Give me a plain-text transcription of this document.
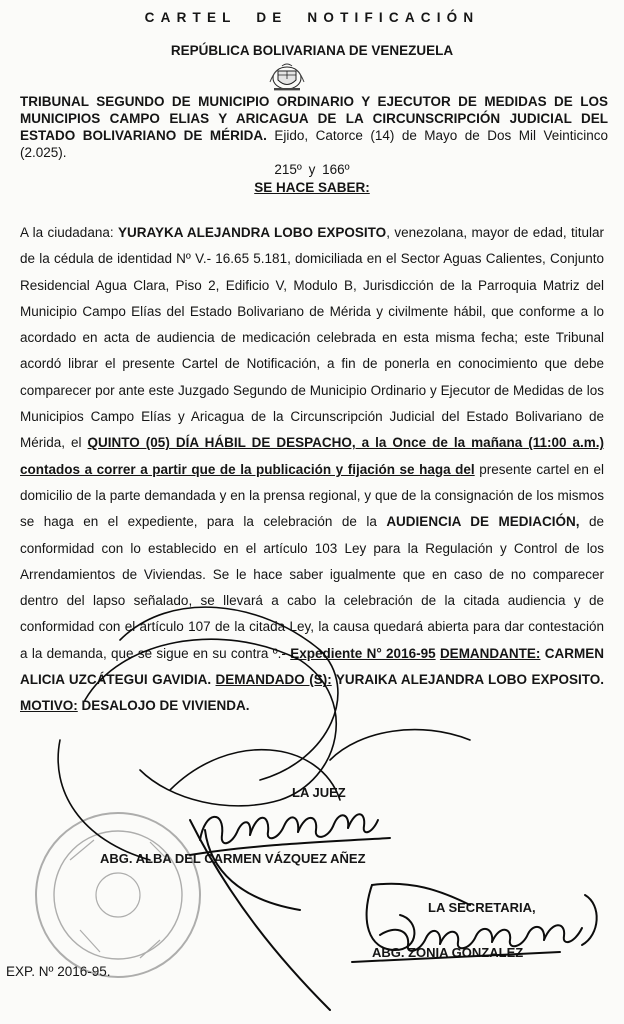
CARTEL DE NOTIFICACIÓN
REPÚBLICA BOLIVARIANA DE VENEZUELA
TRIBUNAL SEGUNDO DE MUNICIPIO ORDINARIO Y EJECUTOR DE MEDIDAS DE LOS MUNICIPIOS CAMPO ELIAS Y ARICAGUA DE LA CIRCUNSCRIPCIÓN JUDICIAL DEL ESTADO BOLIVARIANO DE MÉRIDA. Ejido, Catorce (14) de Mayo de Dos Mil Veinticinco (2.025).
215º y 166º
SE HACE SABER:
A la ciudadana: YURAYKA ALEJANDRA LOBO EXPOSITO, venezolana, mayor de edad, titular de la cédula de identidad Nº V.- 16.65 5.181, domiciliada en el Sector Aguas Calientes, Conjunto Residencial Agua Clara, Piso 2, Edificio V, Modulo B, Jurisdicción de la Parroquia Matriz del Municipio Campo Elías del Estado Bolivariano de Mérida y civilmente hábil, que conforme a lo acordado en acta de audiencia de medicación celebrada en esta misma fecha; este Tribunal acordó librar el presente Cartel de Notificación, a fin de ponerla en conocimiento que debe comparecer por ante este Juzgado Segundo de Municipio Ordinario y Ejecutor de Medidas de los Municipios Campo Elías y Aricagua de la Circunscripción Judicial del Estado Bolivariano de Mérida, el QUINTO (05) DÍA HÁBIL DE DESPACHO, a la Once de la mañana (11:00 a.m.) contados a correr a partir que de la publicación y fijación se haga del presente cartel en el domicilio de la parte demandada y en la prensa regional, y que de la consignación de los mismos se haga en el expediente, para la celebración de la AUDIENCIA DE MEDIACIÓN, de conformidad con lo establecido en el artículo 103 Ley para la Regulación y Control de los Arrendamientos de Viviendas. Se le hace saber igualmente que en caso de no comparecer dentro del lapso señalado, se llevará a cabo la celebración de la citada audiencia y de conformidad con el artículo 107 de la citada Ley, la causa quedará abierta para dar contestación a la demanda, que se sigue en su contra º.- Expediente N° 2016-95 DEMANDANTE: CARMEN ALICIA UZCÁTEGUI GAVIDIA. DEMANDADO (S): YURAIKA ALEJANDRA LOBO EXPOSITO. MOTIVO: DESALOJO DE VIVIENDA.
LA JUEZ
ABG. ALBA DEL CARMEN VÁZQUEZ AÑEZ
LA SECRETARIA,
ABG. ZONIA GONZALEZ
EXP. Nº 2016-95.
